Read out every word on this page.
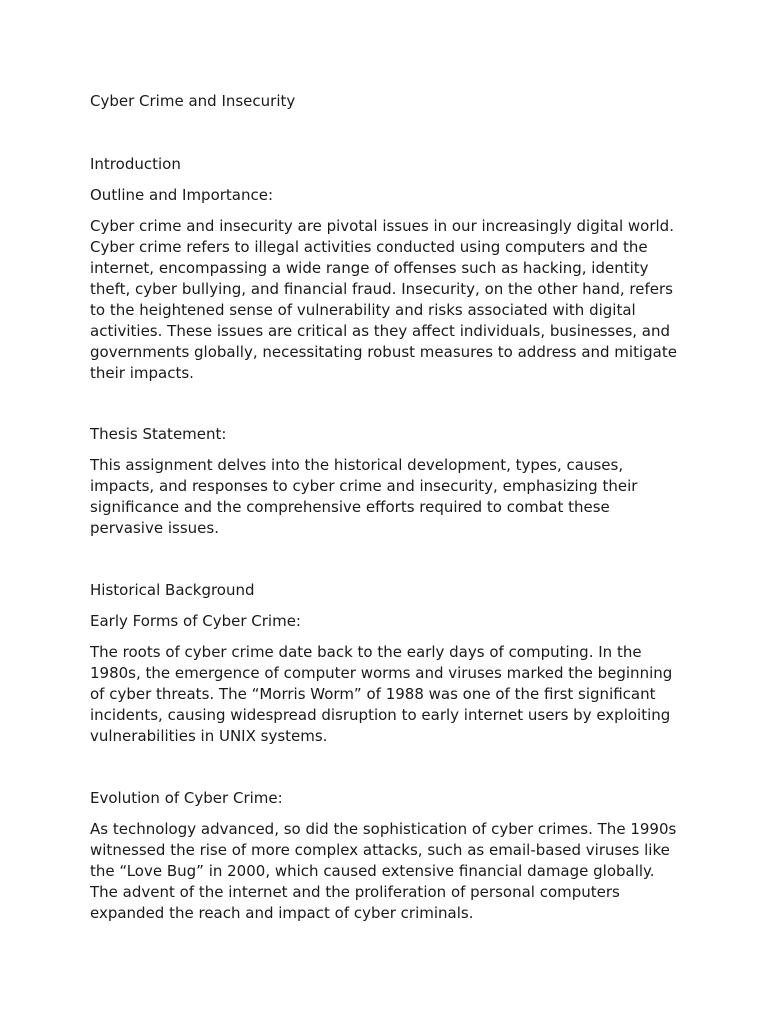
Cyber Crime and Insecurity

Introduction

Outline and Importance:

Cyber crime and insecurity are pivotal issues in our increasingly digital world. Cyber crime refers to illegal activities conducted using computers and the internet, encompassing a wide range of offenses such as hacking, identity theft, cyber bullying, and financial fraud. Insecurity, on the other hand, refers to the heightened sense of vulnerability and risks associated with digital activities. These issues are critical as they affect individuals, businesses, and governments globally, necessitating robust measures to address and mitigate their impacts.

Thesis Statement:

This assignment delves into the historical development, types, causes, impacts, and responses to cyber crime and insecurity, emphasizing their significance and the comprehensive efforts required to combat these pervasive issues.

Historical Background

Early Forms of Cyber Crime:

The roots of cyber crime date back to the early days of computing. In the 1980s, the emergence of computer worms and viruses marked the beginning of cyber threats. The “Morris Worm” of 1988 was one of the first significant incidents, causing widespread disruption to early internet users by exploiting vulnerabilities in UNIX systems.

Evolution of Cyber Crime:

As technology advanced, so did the sophistication of cyber crimes. The 1990s witnessed the rise of more complex attacks, such as email-based viruses like the “Love Bug” in 2000, which caused extensive financial damage globally. The advent of the internet and the proliferation of personal computers expanded the reach and impact of cyber criminals.
